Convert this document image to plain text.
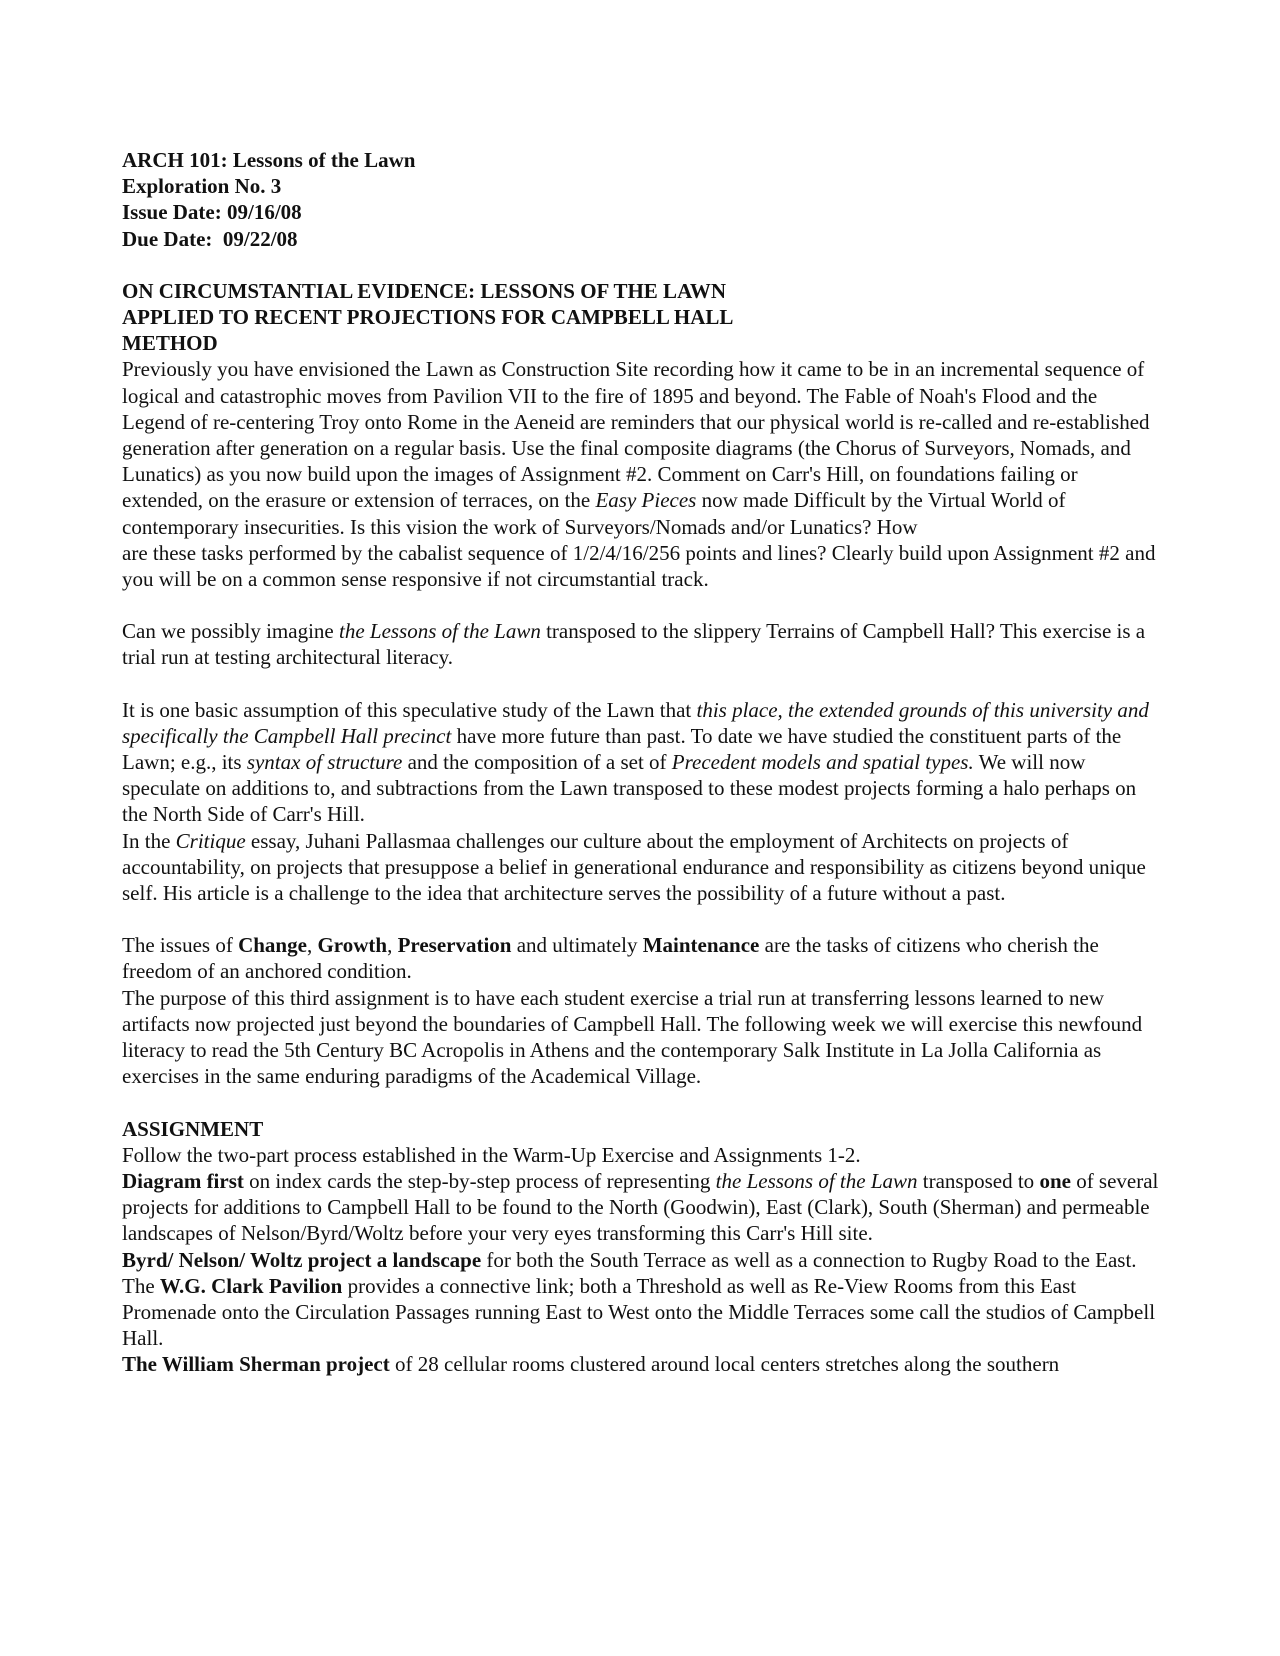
ARCH 101: Lessons of the Lawn

Exploration No. 3

Issue Date: 09/16/08

Due Date:  09/22/08

ON CIRCUMSTANTIAL EVIDENCE: LESSONS OF THE LAWN

APPLIED TO RECENT PROJECTIONS FOR CAMPBELL HALL

METHOD

Previously you have envisioned the Lawn as Construction Site recording how it came to be in an incremental sequence of logical and catastrophic moves from Pavilion VII to the fire of 1895 and beyond. The Fable of Noah's Flood and the Legend of re-centering Troy onto Rome in the Aeneid are reminders that our physical world is re-called and re-established generation after generation on a regular basis. Use the final composite diagrams (the Chorus of Surveyors, Nomads, and Lunatics) as you now build upon the images of Assignment #2. Comment on Carr's Hill, on foundations failing or extended, on the erasure or extension of terraces, on the Easy Pieces now made Difficult by the Virtual World of contemporary insecurities. Is this vision the work of Surveyors/Nomads and/or Lunatics? How

are these tasks performed by the cabalist sequence of 1/2/4/16/256 points and lines? Clearly build upon Assignment #2 and you will be on a common sense responsive if not circumstantial track.

Can we possibly imagine the Lessons of the Lawn transposed to the slippery Terrains of Campbell Hall? This exercise is a trial run at testing architectural literacy.

It is one basic assumption of this speculative study of the Lawn that this place, the extended grounds of this university and specifically the Campbell Hall precinct have more future than past. To date we have studied the constituent parts of the Lawn; e.g., its syntax of structure and the composition of a set of Precedent models and spatial types. We will now speculate on additions to, and subtractions from the Lawn transposed to these modest projects forming a halo perhaps on the North Side of Carr's Hill.

In the Critique essay, Juhani Pallasmaa challenges our culture about the employment of Architects on projects of accountability, on projects that presuppose a belief in generational endurance and responsibility as citizens beyond unique self. His article is a challenge to the idea that architecture serves the possibility of a future without a past.

The issues of Change, Growth, Preservation and ultimately Maintenance are the tasks of citizens who cherish the freedom of an anchored condition.

The purpose of this third assignment is to have each student exercise a trial run at transferring lessons learned to new artifacts now projected just beyond the boundaries of Campbell Hall. The following week we will exercise this newfound literacy to read the 5th Century BC Acropolis in Athens and the contemporary Salk Institute in La Jolla California as exercises in the same enduring paradigms of the Academical Village.

ASSIGNMENT

Follow the two-part process established in the Warm-Up Exercise and Assignments 1-2.

Diagram first on index cards the step-by-step process of representing the Lessons of the Lawn transposed to one of several projects for additions to Campbell Hall to be found to the North (Goodwin), East (Clark), South (Sherman) and permeable landscapes of Nelson/Byrd/Woltz before your very eyes transforming this Carr's Hill site.

Byrd/ Nelson/ Woltz project a landscape for both the South Terrace as well as a connection to Rugby Road to the East.

The W.G. Clark Pavilion provides a connective link; both a Threshold as well as Re-View Rooms from this East Promenade onto the Circulation Passages running East to West onto the Middle Terraces some call the studios of Campbell Hall.

The William Sherman project of 28 cellular rooms clustered around local centers stretches along the southern
